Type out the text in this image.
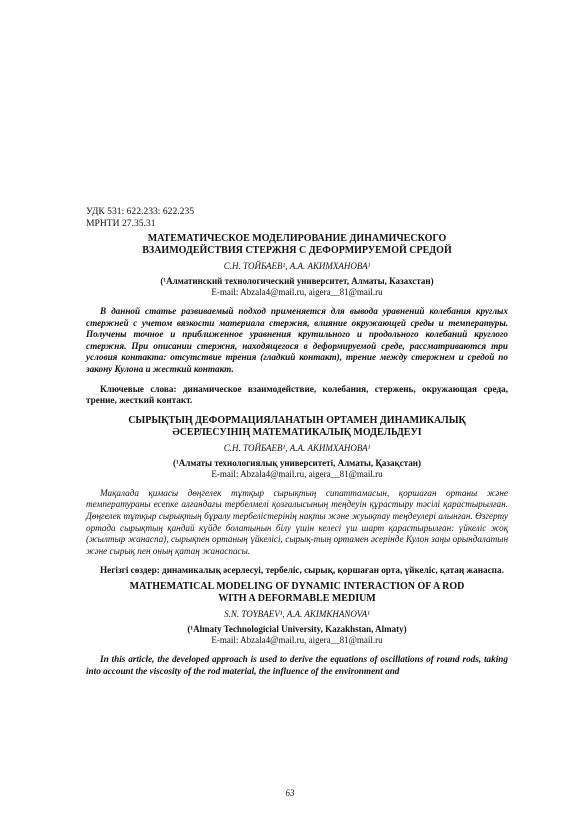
УДК 531: 622.233: 622.235

МРНТИ 27.35.31

МАТЕМАТИЧЕСКОЕ МОДЕЛИРОВАНИЕ ДИНАМИЧЕСКОГО

ВЗАИМОДЕЙСТВИЯ СТЕРЖНЯ С ДЕФОРМИРУЕМОЙ СРЕДОЙ

С.Н. ТОЙБАЕВ¹, А.А. АКИМХАНОВА¹

(¹Алматинский технологический университет, Алматы, Казахстан)

E-mail: Abzala4@mail.ru, aigera__81@mail.ru

В данной статье развиваемый подход применяется для вывода уравнений колебания круглых стержней с учетом вязкости материала стержня, влияние окружающей среды и температуры. Получены точное и приближенное уравнения крутильного и продольного колебаний круглого стержня. При описании стержня, находящегося в деформируемой среде, рассматриваются три условия контакта: отсутствие трения (гладкий контакт), трение между стержнем и средой по закону Кулона и жесткий контакт.

Ключевые слова: динамическое взаимодействие, колебания, стержень, окружающая среда, трение, жесткий контакт.

СЫРЫҚТЫҢ ДЕФОРМАЦИЯЛАНАТЫН ОРТАМЕН ДИНАМИКАЛЫҚ

ӘСЕРЛЕСУІНІҢ МАТЕМАТИКАЛЫҚ МОДЕЛЬДЕУІ

С.Н. ТОЙБАЕВ¹, А.А. АКИМХАНОВА¹

(¹Алматы технологиялық университеті, Алматы, Қазақстан)

E-mail: Abzala4@mail.ru, aigera__81@mail.ru

Мақалада қимасы дөңгелек тұтқыр сырықтың сипаттамасын, қоршаған ортаны және температураны есепке алғандағы тербелмелі қозғалысының теңдеуін құрастыру тәсілі қарастырылған. Дөңгелек тұтқыр сырықтың бұралу тербелістерінің нақты және жуықтау теңдеулері алынған. Өзгерту ортада сырықтың қандай күйде болатынын білу үшін келесі үш шарт қарастырылған: үйкеліс жоқ (жылтыр жанаспа), сырықпен ортаның үйкелісі, сырық-тың ортамен әсерінде Кулон заңы орындалатын және сырық пен оның қатаң жанаспасы.

Негізгі сөздер: динамикалық әсерлесуі, тербеліс, сырық, қоршаған орта, үйкеліс, қатаң жанаспа.

MATHEMATICAL MODELING OF DYNAMIC INTERACTION OF A ROD

WITH A DEFORMABLE MEDIUM

S.N. TOYBAEV¹, A.A. AKIMKHANOVA¹

(¹Almaty Technologicial University, Kazakhstan, Almaty)

E-mail: Abzala4@mail.ru, aigera__81@mail.ru

In this article, the developed approach is used to derive the equations of oscillations of round rods, taking into account the viscosity of the rod material, the influence of the environment and

63
